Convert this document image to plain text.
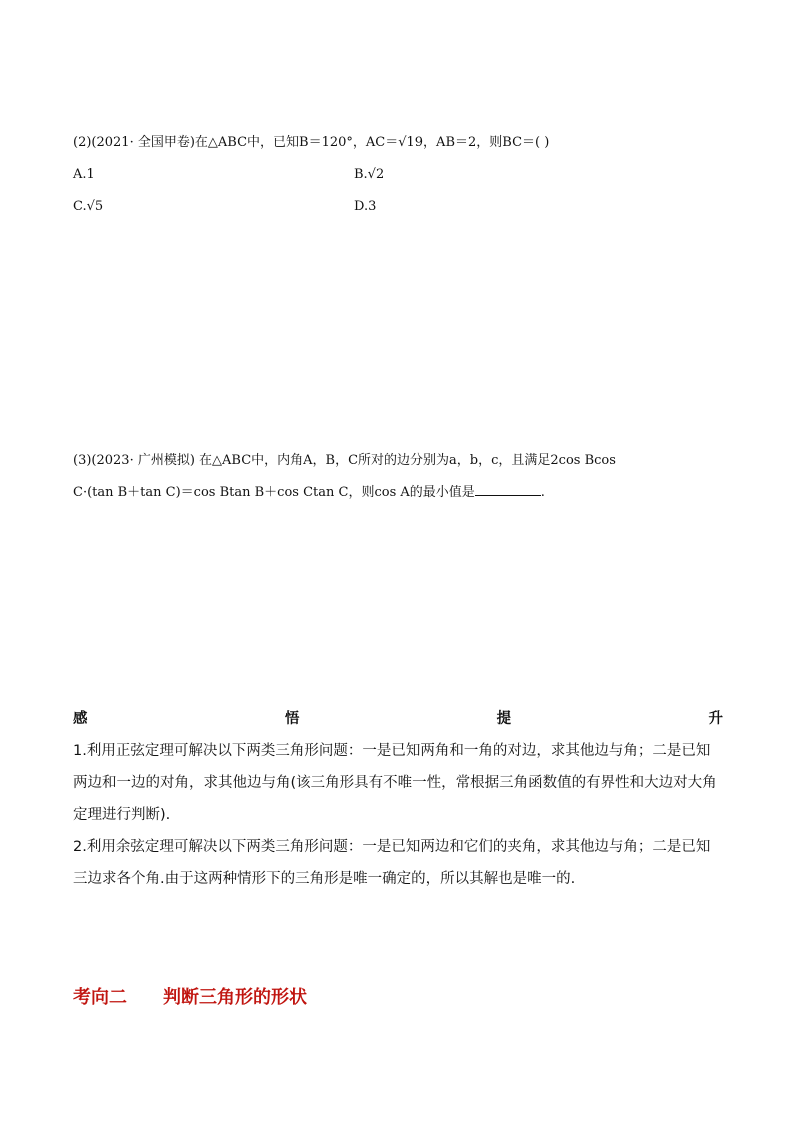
(2)(2021· 全国甲卷)在△ABC中，已知B＝120°，AC＝√19，AB＝2，则BC＝( )
A.1	B.√2
C.√5	D.3
(3)(2023· 广州模拟) 在△ABC中，内角A，B，C所对的边分别为a，b，c，且满足2cos Bcos
C·(tan B＋tan C)＝cos Btan B＋cos Ctan C，则cos A的最小值是	.
感	悟	提	升

1.利用正弦定理可解决以下两类三角形问题：一是已知两角和一角的对边，求其他边与角；二是已知两边和一边的对角，求其他边与角(该三角形具有不唯一性，常根据三角函数值的有界性和大边对大角定理进行判断).

2.利用余弦定理可解决以下两类三角形问题：一是已知两边和它们的夹角，求其他边与角；二是已知三边求各个角.由于这两种情形下的三角形是唯一确定的，所以其解也是唯一的.

考向二 判断三角形的形状
